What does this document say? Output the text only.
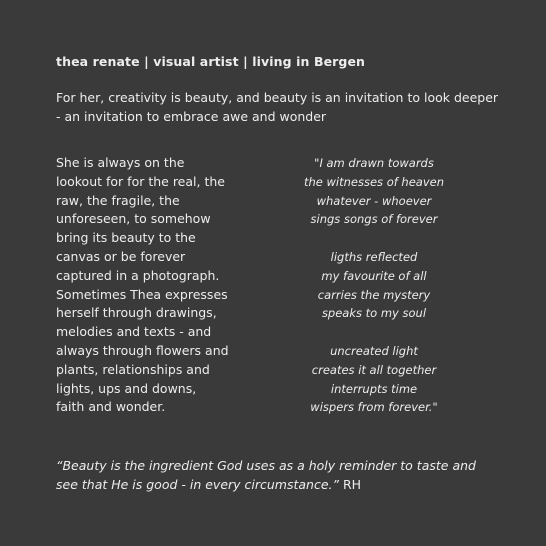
thea renate | visual artist | living in Bergen

For her, creativity is beauty, and beauty is an invitation to look deeper
- an invitation to embrace awe and wonder

She is always on the
lookout for for the real, the
raw, the fragile, the
unforeseen, to somehow
bring its beauty to the
canvas or be forever
captured in a photograph.
Sometimes Thea expresses
herself through drawings,
melodies and texts - and
always through flowers and
plants, relationships and
lights, ups and downs,
faith and wonder.
"I am drawn towards
the witnesses of heaven
whatever - whoever
sings songs of forever
ligths reflected
my favourite of all
carries the mystery
speaks to my soul
uncreated light
creates it all together
interrupts time
wispers from forever."
“Beauty is the ingredient God uses as a holy reminder to taste and
see that He is good - in every circumstance.” RH
